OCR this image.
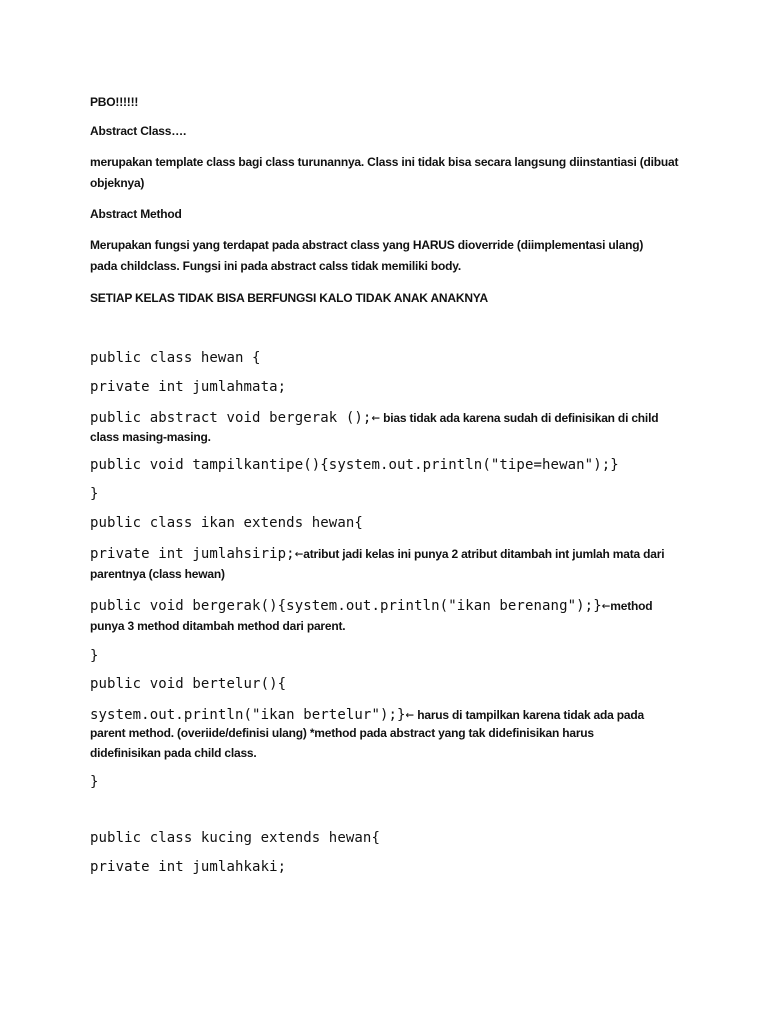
PBO!!!!!!

Abstract Class….

merupakan template class bagi class turunannya. Class ini tidak bisa secara langsung diinstantiasi (dibuat objeknya)

Abstract Method

Merupakan fungsi yang terdapat pada abstract class yang HARUS dioverride (diimplementasi ulang)

pada childclass. Fungsi ini pada abstract calss tidak memiliki body.

SETIAP KELAS TIDAK BISA BERFUNGSI KALO TIDAK ANAK ANAKNYA

public class hewan {

private int jumlahmata;

public abstract void bergerak ();← bias tidak ada karena sudah di definisikan di child

class masing-masing.

public void tampilkantipe(){system.out.println("tipe=hewan");}

}

public class ikan extends hewan{

private int jumlahsirip;←atribut jadi kelas ini punya 2 atribut ditambah int jumlah mata dari

parentnya (class hewan)

public void bergerak(){system.out.println("ikan berenang");}←method

punya 3 method ditambah method dari parent.

}

public void bertelur(){

system.out.println("ikan bertelur");}← harus di tampilkan karena tidak ada pada

parent method. (overiide/definisi ulang) *method pada abstract yang tak didefinisikan harus

didefinisikan pada child class.

}

public class kucing extends hewan{

private int jumlahkaki;
